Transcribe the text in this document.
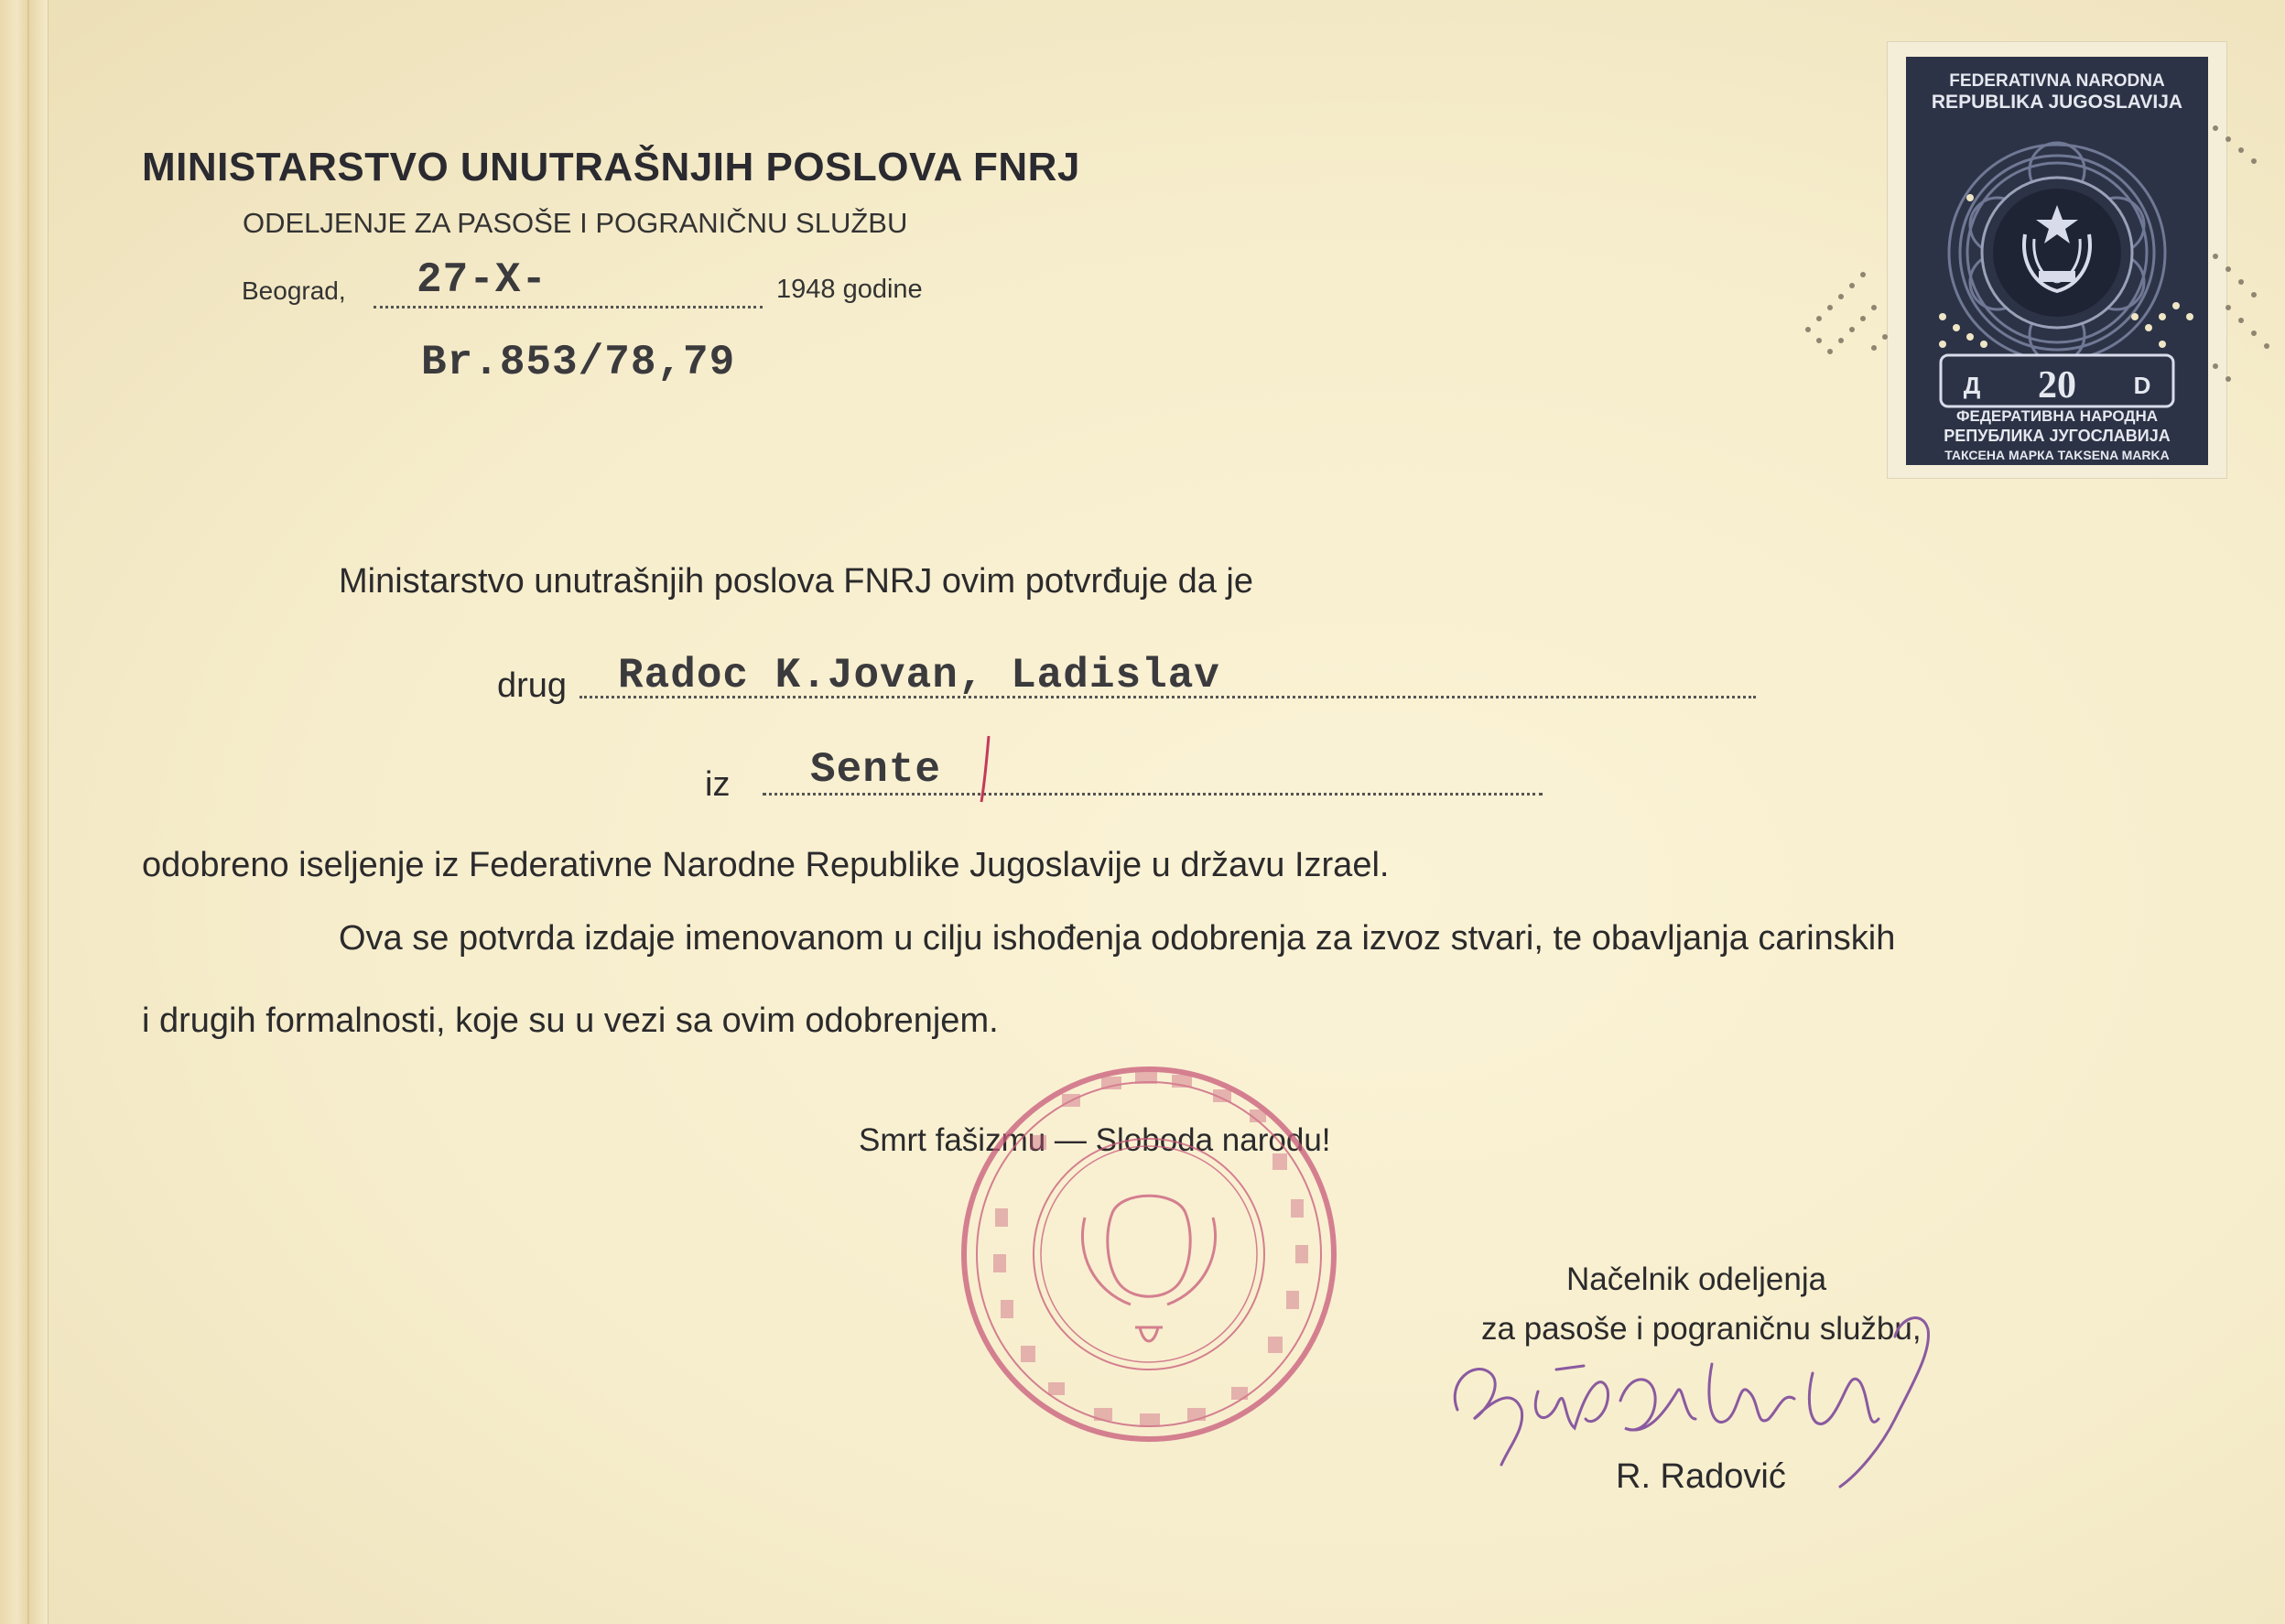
MINISTARSTVO UNUTRAŠNJIH POSLOVA FNRJ
ODELJENJE ZA PASOŠE I POGRANIČNU SLUŽBU
Beograd, 27-X-	1948 godine
Br.853/78,79
Ministarstvo unutrašnjih poslova FNRJ ovim potvrđuje da je
drug Radoc K.Jovan, Ladislav
iz Sente
odobreno iseljenje iz Federativne Narodne Republike Jugoslavije u državu Izrael.
Ova se potvrda izdaje imenovanom u cilju ishođenja odobrenja za izvoz stvari, te obavljanja carinskih
i drugih formalnosti, koje su u vezi sa ovim odobrenjem.
Smrt fašizmu — Sloboda narodu!
Načelnik odeljenja
za pasoše i pograničnu službu,
R. Radović
FEDERATIVNA NARODNA
REPUBLIKA JUGOSLAVIJA
Д 20 D
ФЕДЕРАТИВНА НАРОДНА
РЕПУБЛИКА ЈУГОСЛАВИЈА
ТАКСЕНА МАРКА TAKSENA MARKA
